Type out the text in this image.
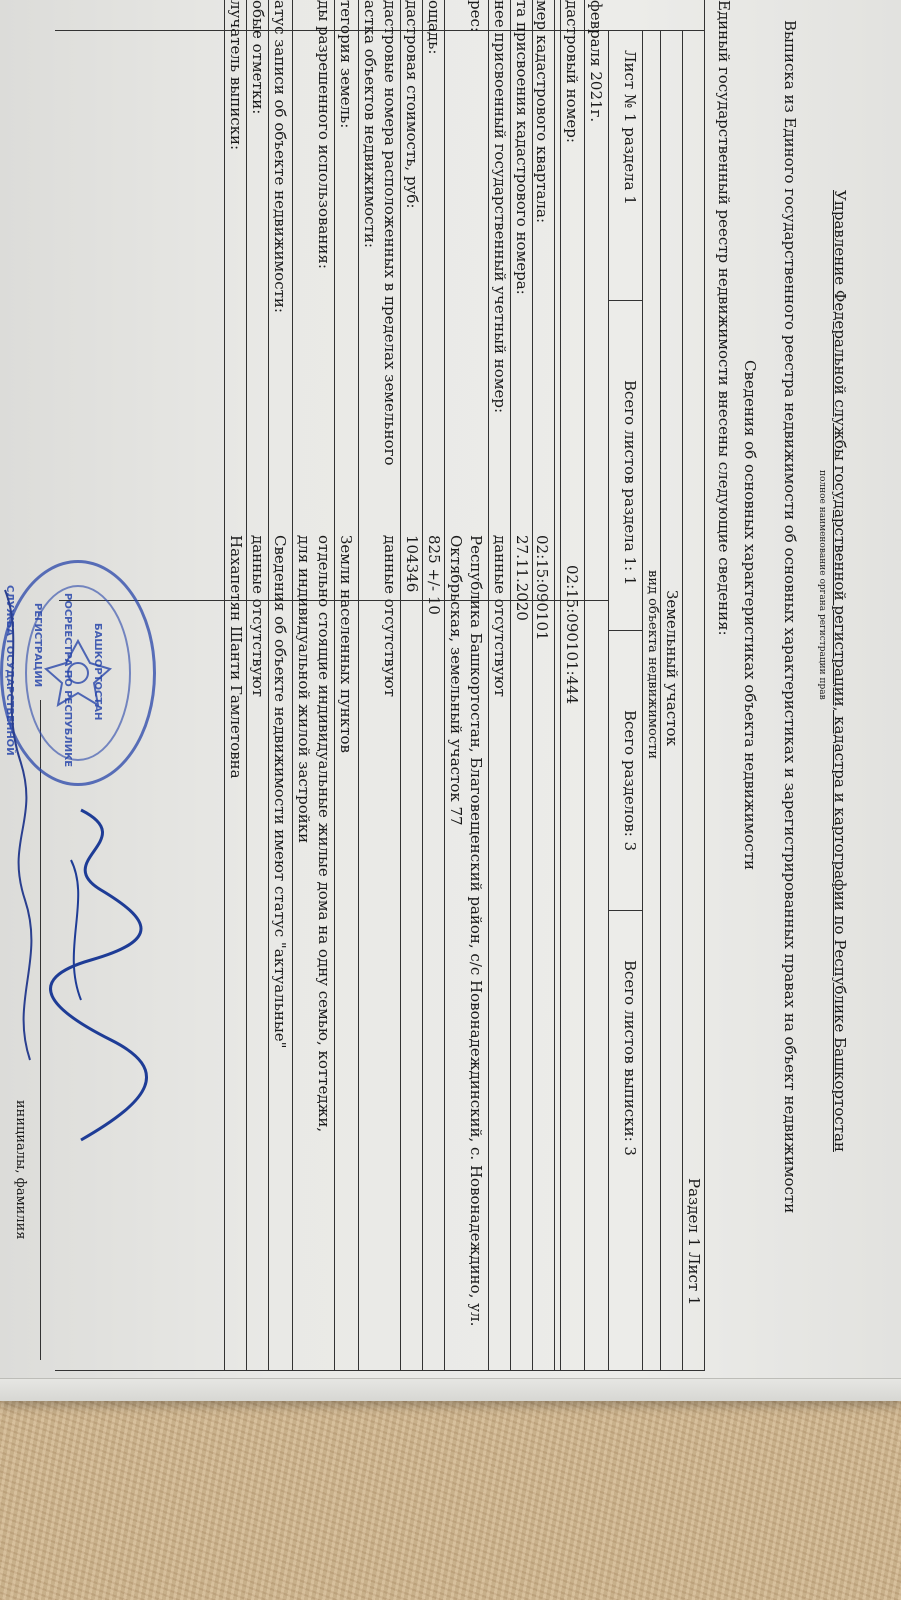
Управление Федеральной службы государственной регистрации, кадастра и картографии по Республике Башкортостан
полное наименование органа регистрации прав
Выписка из Единого государственного реестра недвижимости об основных характеристиках и зарегистрированных правах на объект недвижимости
Сведения об основных характеристиках объекта недвижимости
Единый государственный реестр недвижимости внесены следующие сведения:
Раздел 1 Лист 1
Земельный участок
вид объекта недвижимости
Лист № 1 раздела 1
Всего листов раздела 1: 1
Всего разделов: 3
Всего листов выписки: 3
февраля 2021г.
дастровый номер:
02:15:090101:444
мер кадастрового квартала:
02:15:090101
та присвоения кадастрового номера:
27.11.2020
нее присвоенный государственный учетный номер:
данные отсутствуют
рес:
Республика Башкортостан, Благовещенский район, с/с Новонадеждинский, с. Новонадеждино, ул.
Октябрьская, земельный участок 77
ощадь:
825 +/- 10
дастровая стоимость, руб:
104346
дастровые номера расположенных в пределах земельного
астка объектов недвижимости:
данные отсутствуют
тегория земель:
Земли населенных пунктов
ды разрешенного использования:
отдельно стоящие индивидуальные жилые дома на одну семью, коттеджи,
для индивидуальной жилой застройки
атус записи об объекте недвижимости:
Сведения об объекте недвижимости имеют статус "актуальные"
обые отметки:
данные отсутствуют
лучатель выписки:
Нахапетян Шанти Гамлетовна
инициалы, фамилия
СЛУЖБА ГОСУДАРСТВЕННОЙ РЕГИСТРАЦИИ РОСРЕЕСТРА ПО РЕСПУБЛИКЕ БАШКОРТОСТАН
